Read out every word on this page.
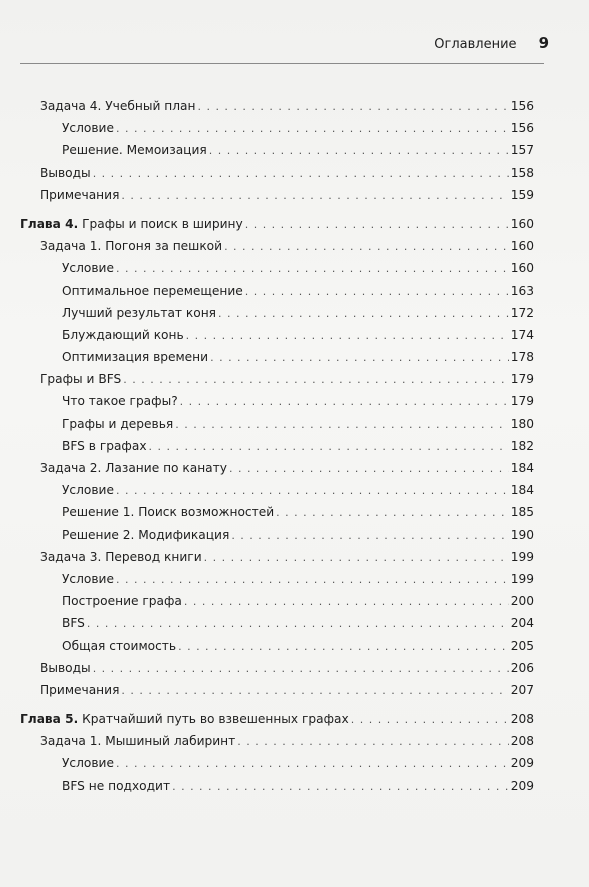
Оглавление 9
Задача 4. Учебный план . . .	156
Условие . . .	156
Решение. Мемоизация . . .	157
Выводы . . .	158
Примечания . . .	159
Глава 4. Графы и поиск в ширину . . .	160
Задача 1. Погоня за пешкой . . .	160
Условие . . .	160
Оптимальное перемещение . . .	163
Лучший результат коня . . .	172
Блуждающий конь . . .	174
Оптимизация времени . . .	178
Графы и BFS . . .	179
Что такое графы? . . .	179
Графы и деревья . . .	180
BFS в графах . . .	182
Задача 2. Лазание по канату . . .	184
Условие . . .	184
Решение 1. Поиск возможностей . . .	185
Решение 2. Модификация . . .	190
Задача 3. Перевод книги . . .	199
Условие . . .	199
Построение графа . . .	200
BFS . . .	204
Общая стоимость . . .	205
Выводы . . .	206
Примечания . . .	207
Глава 5. Кратчайший путь во взвешенных графах . . .	208
Задача 1. Мышиный лабиринт . . .	208
Условие . . .	209
BFS не подходит . . .	209
